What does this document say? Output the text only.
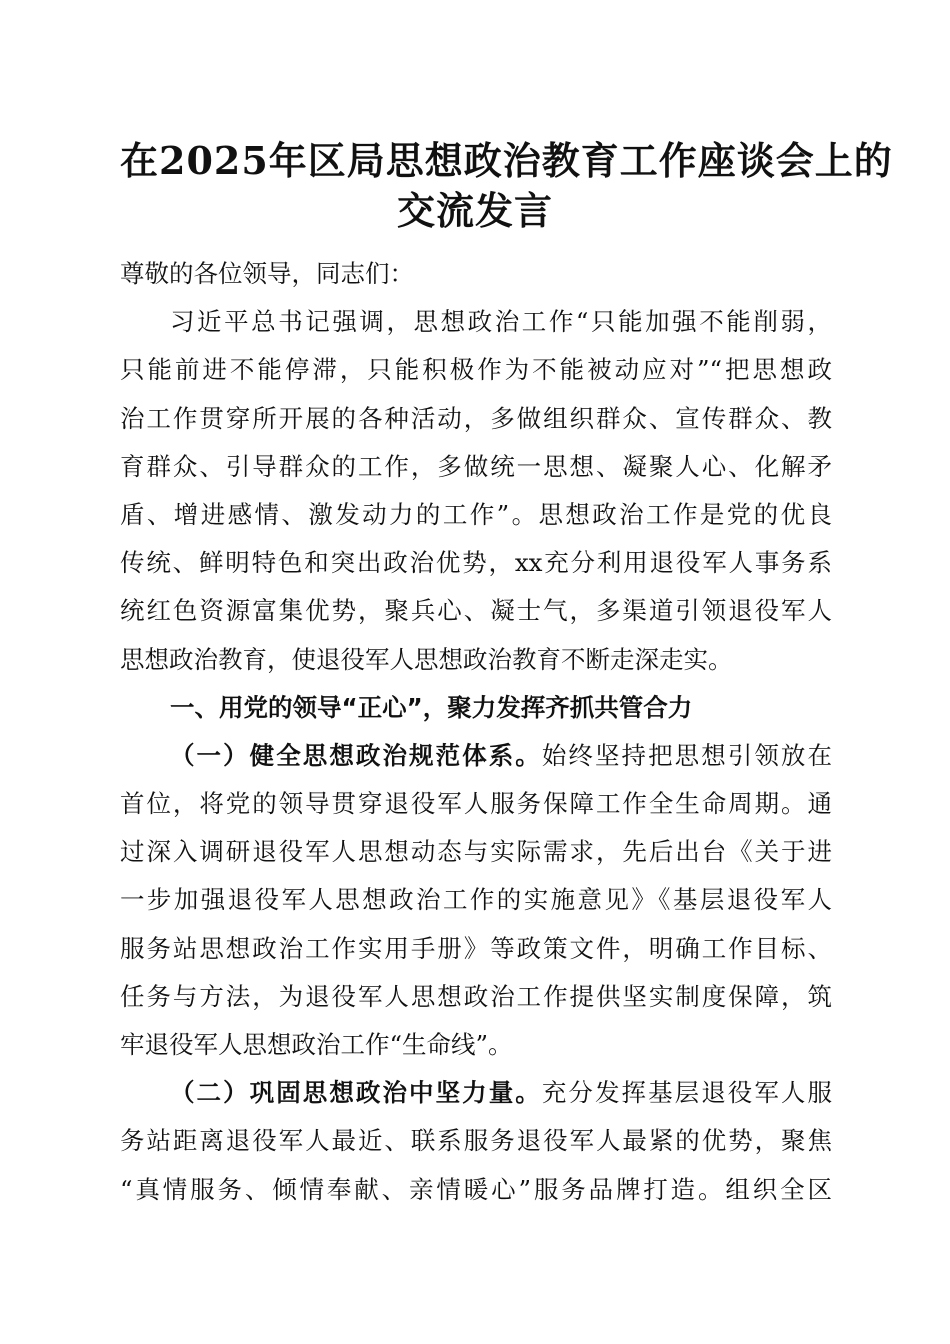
在2025年区局思想政治教育工作座谈会上的
交流发言
尊敬的各位领导，同志们：
习近平总书记强调，思想政治工作“只能加强不能削弱，
只能前进不能停滞，只能积极作为不能被动应对”“把思想政
治工作贯穿所开展的各种活动，多做组织群众、宣传群众、教
育群众、引导群众的工作，多做统一思想、凝聚人心、化解矛
盾、增进感情、激发动力的工作”。思想政治工作是党的优良
传统、鲜明特色和突出政治优势，xx充分利用退役军人事务系
统红色资源富集优势，聚兵心、凝士气，多渠道引领退役军人
思想政治教育，使退役军人思想政治教育不断走深走实。
一、用党的领导“正心”，聚力发挥齐抓共管合力
（一）健全思想政治规范体系。始终坚持把思想引领放在
首位，将党的领导贯穿退役军人服务保障工作全生命周期。通
过深入调研退役军人思想动态与实际需求，先后出台《关于进
一步加强退役军人思想政治工作的实施意见》《基层退役军人
服务站思想政治工作实用手册》等政策文件，明确工作目标、
任务与方法，为退役军人思想政治工作提供坚实制度保障，筑
牢退役军人思想政治工作“生命线”。
（二）巩固思想政治中坚力量。充分发挥基层退役军人服
务站距离退役军人最近、联系服务退役军人最紧的优势，聚焦
“真情服务、倾情奉献、亲情暖心”服务品牌打造。组织全区
